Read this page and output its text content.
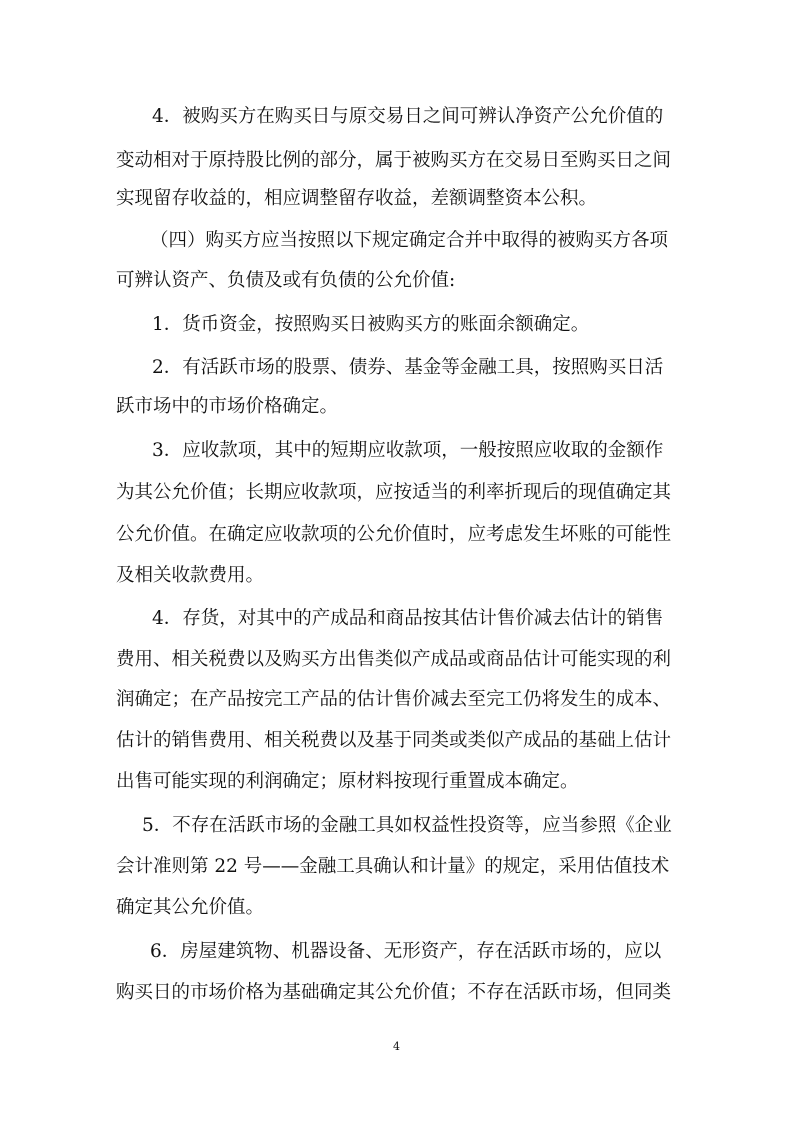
4．被购买方在购买日与原交易日之间可辨认净资产公允价值的
变动相对于原持股比例的部分，属于被购买方在交易日至购买日之间
实现留存收益的，相应调整留存收益，差额调整资本公积。
（四）购买方应当按照以下规定确定合并中取得的被购买方各项
可辨认资产、负债及或有负债的公允价值:
1．货币资金，按照购买日被购买方的账面余额确定。
2．有活跃市场的股票、债券、基金等金融工具，按照购买日活
跃市场中的市场价格确定。
3．应收款项，其中的短期应收款项，一般按照应收取的金额作
为其公允价值；长期应收款项，应按适当的利率折现后的现值确定其
公允价值。在确定应收款项的公允价值时，应考虑发生坏账的可能性
及相关收款费用。
4．存货，对其中的产成品和商品按其估计售价减去估计的销售
费用、相关税费以及购买方出售类似产成品或商品估计可能实现的利
润确定；在产品按完工产品的估计售价减去至完工仍将发生的成本、
估计的销售费用、相关税费以及基于同类或类似产成品的基础上估计
出售可能实现的利润确定；原材料按现行重置成本确定。
5．不存在活跃市场的金融工具如权益性投资等，应当参照《企业
会计准则第 22 号——金融工具确认和计量》的规定，采用估值技术
确定其公允价值。
6．房屋建筑物、机器设备、无形资产，存在活跃市场的，应以
购买日的市场价格为基础确定其公允价值；不存在活跃市场，但同类
4
